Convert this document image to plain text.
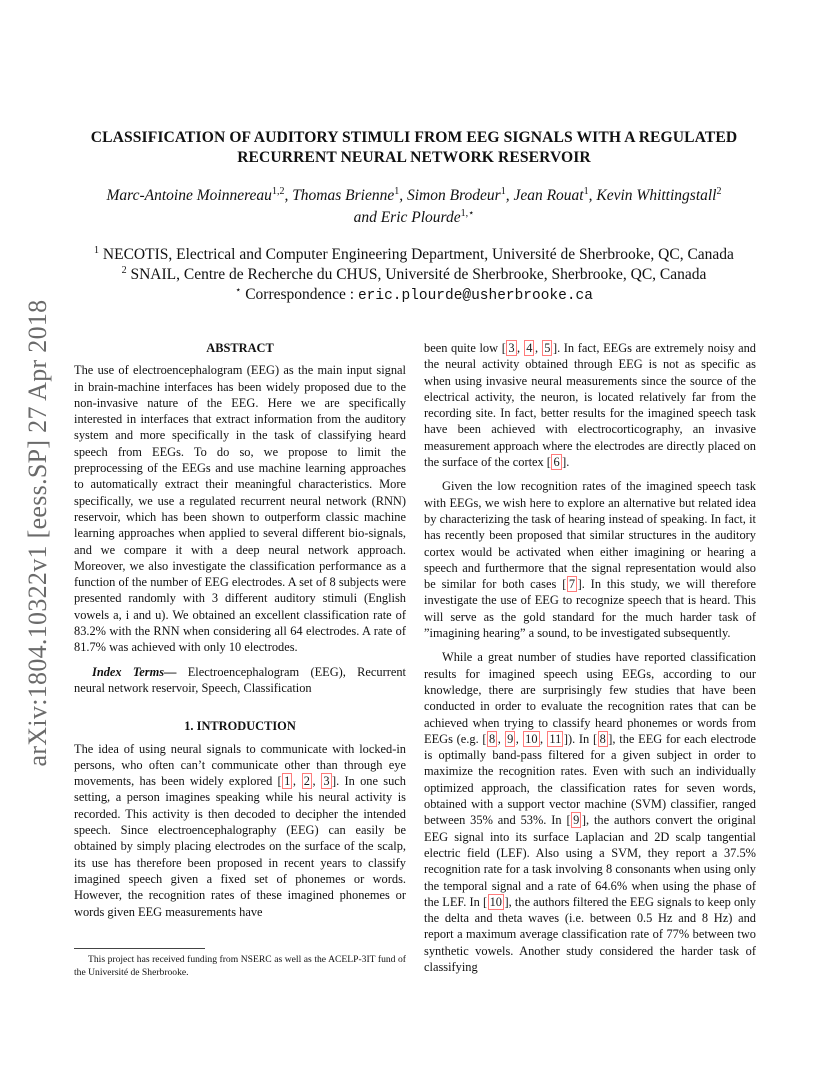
arXiv:1804.10322v1 [eess.SP] 27 Apr 2018
CLASSIFICATION OF AUDITORY STIMULI FROM EEG SIGNALS WITH A REGULATED
RECURRENT NEURAL NETWORK RESERVOIR
Marc-Antoine Moinnereau$^{1,2}$, Thomas Brienne$^1$, Simon Brodeur$^1$, Jean Rouat$^1$, Kevin Whittingstall$^2$
and Eric Plourde$^{1,⋆}$
$^1$ NECOTIS, Electrical and Computer Engineering Department, Université de Sherbrooke, QC, Canada
$^2$ SNAIL, Centre de Recherche du CHUS, Université de Sherbrooke, Sherbrooke, QC, Canada
⋆ Correspondence : eric.plourde@usherbrooke.ca
ABSTRACT

The use of electroencephalogram (EEG) as the main input signal in brain-machine interfaces has been widely proposed due to the non-invasive nature of the EEG. Here we are specifically interested in interfaces that extract information from the auditory system and more specifically in the task of classifying heard speech from EEGs. To do so, we propose to limit the preprocessing of the EEGs and use machine learning approaches to automatically extract their meaningful characteristics. More specifically, we use a regulated recurrent neural network (RNN) reservoir, which has been shown to outperform classic machine learning approaches when applied to several different bio-signals, and we compare it with a deep neural network approach. Moreover, we also investigate the classification performance as a function of the number of EEG electrodes. A set of 8 subjects were presented randomly with 3 different auditory stimuli (English vowels a, i and u). We obtained an excellent classification rate of 83.2% with the RNN when considering all 64 electrodes. A rate of 81.7% was achieved with only 10 electrodes.

Index Terms— Electroencephalogram (EEG), Recurrent neural network reservoir, Speech, Classification

1. INTRODUCTION

The idea of using neural signals to communicate with locked-in persons, who often can’t communicate other than through eye movements, has been widely explored [ 1 , 2 , 3 ]. In one such setting, a person imagines speaking while his neural activity is recorded. This activity is then decoded to decipher the intended speech. Since electroencephalography (EEG) can easily be obtained by simply placing electrodes on the surface of the scalp, its use has therefore been proposed in recent years to classify imagined speech given a fixed set of phonemes or words. However, the recognition rates of these imagined phonemes or words given EEG measurements have

been quite low [ 3 , 4 , 5 ]. In fact, EEGs are extremely noisy and the neural activity obtained through EEG is not as specific as when using invasive neural measurements since the source of the electrical activity, the neuron, is located relatively far from the recording site. In fact, better results for the imagined speech task have been achieved with electrocorticography, an invasive measurement approach where the electrodes are directly placed on the surface of the cortex [ 6 ].

Given the low recognition rates of the imagined speech task with EEGs, we wish here to explore an alternative but related idea by characterizing the task of hearing instead of speaking. In fact, it has recently been proposed that similar structures in the auditory cortex would be activated when either imagining or hearing a speech and furthermore that the signal representation would also be similar for both cases [ 7 ]. In this study, we will therefore investigate the use of EEG to recognize speech that is heard. This will serve as the gold standard for the much harder task of ”imagining hearing” a sound, to be investigated subsequently.

While a great number of studies have reported classification results for imagined speech using EEGs, according to our knowledge, there are surprisingly few studies that have been conducted in order to evaluate the recognition rates that can be achieved when trying to classify heard phonemes or words from EEGs (e.g. [ 8 , 9 , 10 , 11 ]). In [ 8 ], the EEG for each electrode is optimally band-pass filtered for a given subject in order to maximize the recognition rates. Even with such an individually optimized approach, the classification rates for seven words, obtained with a support vector machine (SVM) classifier, ranged between 35% and 53%. In [ 9 ], the authors convert the original EEG signal into its surface Laplacian and 2D scalp tangential electric field (LEF). Also using a SVM, they report a 37.5% recognition rate for a task involving 8 consonants when using only the temporal signal and a rate of 64.6% when using the phase of the LEF. In [ 10 ], the authors filtered the EEG signals to keep only the delta and theta waves (i.e. between 0.5 Hz and 8 Hz) and report a maximum average classification rate of 77% between two synthetic vowels. Another study considered the harder task of classifying

This project has received funding from NSERC as well as the ACELP-3IT fund of the Université de Sherbrooke.
